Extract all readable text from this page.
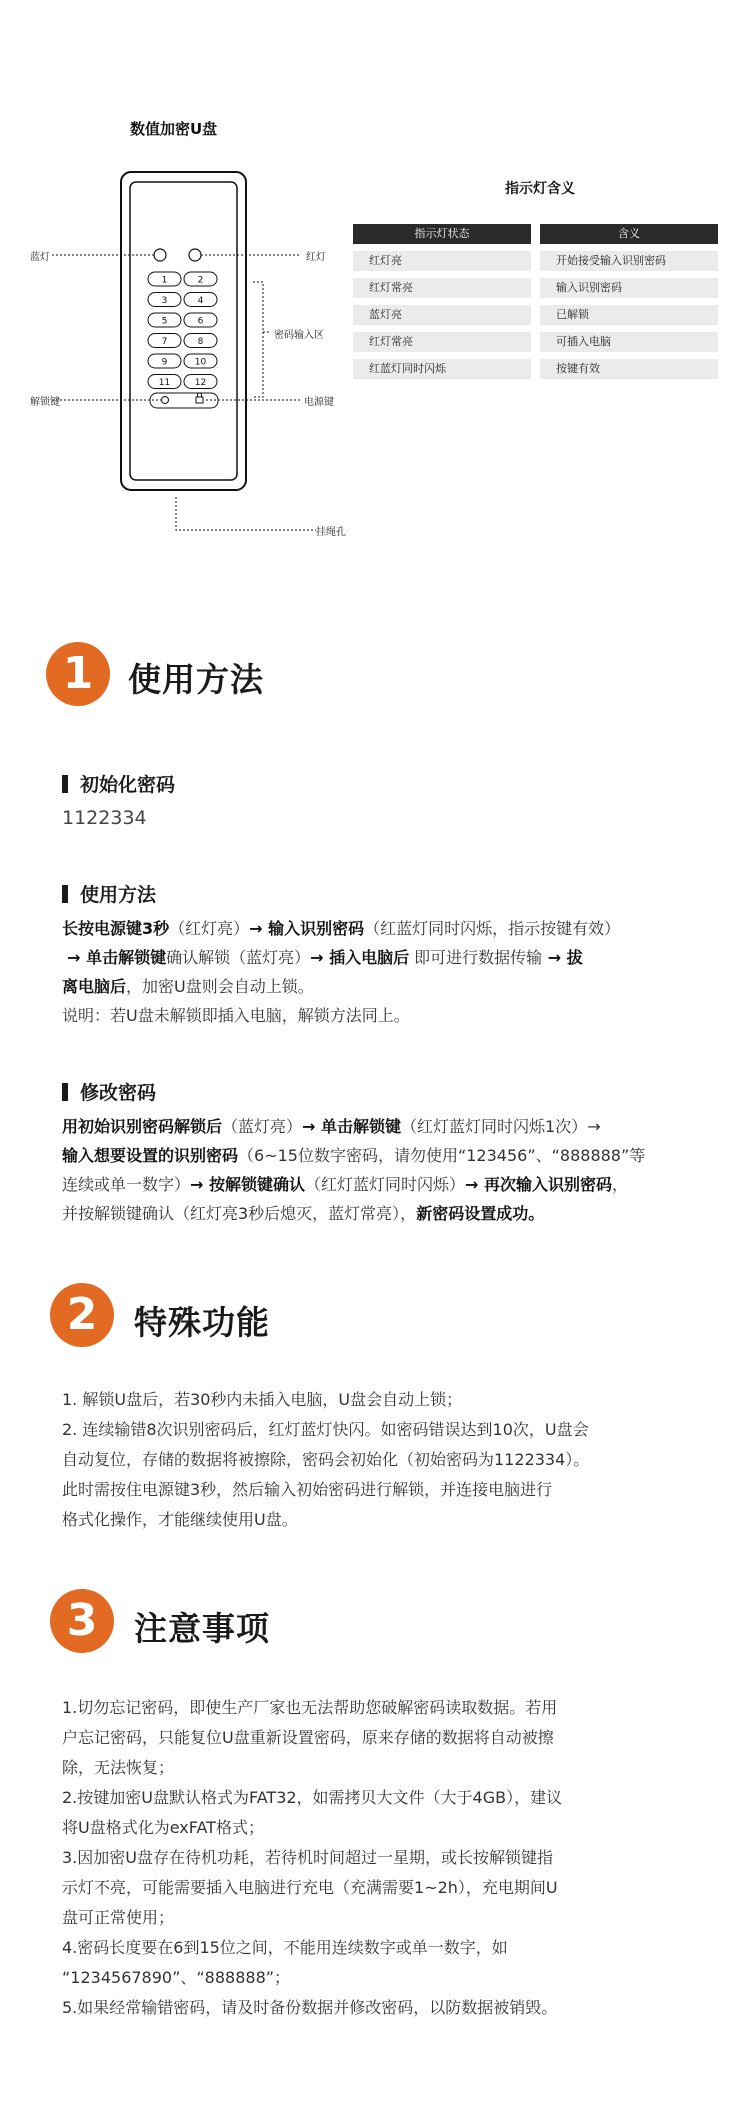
数值加密U盘
1	2
3	4
5	6
7	8
9	10
11	12
蓝灯	红灯
密码输入区
解锁键	电源键
挂绳孔
指示灯含义
指示灯状态	含义
红灯亮	开始接受输入识别密码
红灯常亮	输入识别密码
蓝灯亮	已解锁
红灯常亮	可插入电脑
红蓝灯同时闪烁	按键有效
1 使用方法
初始化密码
1122334
使用方法
长按电源键3秒（红灯亮）→ 输入识别密码（红蓝灯同时闪烁，指示按键有效）
→ 单击解锁键确认解锁（蓝灯亮）→ 插入电脑后 即可进行数据传输 → 拔
离电脑后，加密U盘则会自动上锁。
说明：若U盘未解锁即插入电脑，解锁方法同上。
修改密码
用初始识别密码解锁后（蓝灯亮）→ 单击解锁键（红灯蓝灯同时闪烁1次）→
输入想要设置的识别密码（6~15位数字密码，请勿使用“123456”、“888888”等
连续或单一数字）→ 按解锁键确认（红灯蓝灯同时闪烁）→ 再次输入识别密码，
并按解锁键确认（红灯亮3秒后熄灭，蓝灯常亮），新密码设置成功。
2 特殊功能
1. 解锁U盘后，若30秒内未插入电脑，U盘会自动上锁；
2. 连续输错8次识别密码后，红灯蓝灯快闪。如密码错误达到10次，U盘会
自动复位，存储的数据将被擦除，密码会初始化（初始密码为1122334）。
此时需按住电源键3秒，然后输入初始密码进行解锁，并连接电脑进行
格式化操作，才能继续使用U盘。
3 注意事项
1.切勿忘记密码，即使生产厂家也无法帮助您破解密码读取数据。若用
户忘记密码，只能复位U盘重新设置密码，原来存储的数据将自动被擦
除，无法恢复；
2.按键加密U盘默认格式为FAT32，如需拷贝大文件（大于4GB），建议
将U盘格式化为exFAT格式；
3.因加密U盘存在待机功耗，若待机时间超过一星期，或长按解锁键指
示灯不亮，可能需要插入电脑进行充电（充满需要1~2h），充电期间U
盘可正常使用；
4.密码长度要在6到15位之间，不能用连续数字或单一数字，如
“1234567890”、“888888”；
5.如果经常输错密码，请及时备份数据并修改密码，以防数据被销毁。
